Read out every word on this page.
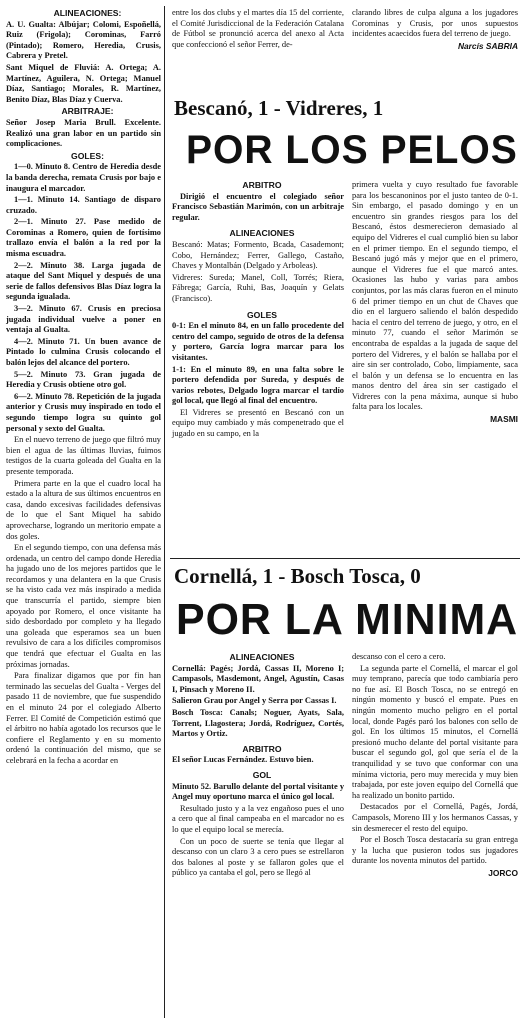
ALINEACIONES:

A. U. Gualta: Albújar; Colomi, Espoñellá, Ruiz (Frigola); Corominas, Farró (Pintado); Romero, Heredia, Crusis, Cabrera y Pretel.

Sant Miquel de Fluviá: A. Ortega; A. Martínez, Aguilera, N. Ortega; Manuel Díaz, Santiago; Morales, R. Martínez, Benito Díaz, Blas Díaz y Cuerva.

ARBITRAJE:

Señor Josep Maria Brull. Excelente. Realizó una gran labor en un partido sin complicaciones.

GOLES:

1—0. Minuto 8. Centro de Heredia desde la banda derecha, remata Crusis por bajo e inaugura el marcador.

1—1. Minuto 14. Santiago de disparo cruzado.

2—1. Minuto 27. Pase medido de Corominas a Romero, quien de fortísimo trallazo envía el balón a la red por la misma escuadra.

2—2. Minuto 38. Larga jugada de ataque del Sant Miquel y después de una serie de fallos defensivos Blas Díaz logra la segunda igualada.

3—2. Minuto 67. Crusis en preciosa jugada individual vuelve a poner en ventaja al Gualta.

4—2. Minuto 71. Un buen avance de Pintado lo culmina Crusis colocando el balón lejos del alcance del portero.

5—2. Minuto 73. Gran jugada de Heredia y Crusis obtiene otro gol.

6—2. Minuto 78. Repetición de la jugada anterior y Crusis muy inspirado en todo el segundo tiempo logra su quinto gol personal y sexto del Gualta.

En el nuevo terreno de juego que filtró muy bien el agua de las últimas lluvias, fuimos testigos de la cuarta goleada del Gualta en la presente temporada.

Primera parte en la que el cuadro local ha estado a la altura de sus últimos encuentros en casa, dando excesivas facilidades defensivas de lo que el Sant Miquel ha sabido aprovecharse, logrando un meritorio empate a dos goles.

En el segundo tiempo, con una defensa más ordenada, un centro del campo donde Heredia ha jugado uno de los mejores partidos que le recordamos y una delantera en la que Crusis se ha visto cada vez más inspirado a medida que transcurría el partido, siempre bien apoyado por Romero, el once visitante ha sido desbordado por completo y ha llegado una goleada que esperamos sea un buen revulsivo de cara a los difíciles compromisos que tendrá que efectuar el Gualta en las próximas jornadas.

Para finalizar digamos que por fin han terminado las secuelas del Gualta - Verges del pasado 11 de noviembre, que fue suspendido en el minuto 24 por el colegiado Alberto Ferrer. El Comité de Competición estimó que el árbitro no había agotado los recursos que le confiere el Reglamento y en su momento ordenó la continuación del mismo, que se celebrará en la fecha a acordar en

entre los dos clubs y el martes día 15 del corriente, el Comité Jurisdiccional de la Federación Catalana de Fútbol se pronunció acerca del anexo al Acta que confeccionó el señor Ferrer, de-

clarando libres de culpa alguna a los jugadores Corominas y Crusis, por unos supuestos incidentes acaecidos fuera del terreno de juego.

Narcís SABRIA

Bescanó, 1 - Vidreres, 1
POR LOS PELOS

ARBITRO

Dirigió el encuentro el colegiado señor Francisco Sebastián Marimón, con un arbitraje regular.

ALINEACIONES

Bescanó: Matas; Formento, Bcada, Casademont; Cobo, Hernández; Ferrer, Gallego, Castaño, Chaves y Montalbán (Delgado y Arboleas).

Vidreres: Sureda; Manel, Coll, Torrés; Riera, Fábrega; García, Ruhi, Bas, Joaquín y Gelats (Francisco).

GOLES

0-1: En el minuto 84, en un fallo procedente del centro del campo, seguido de otros de la defensa y portero, García logra marcar para los visitantes.

1-1: En el minuto 89, en una falta sobre le portero defendida por Sureda, y después de varios rebotes, Delgado logra marcar el tardío gol local, que llegó al final del encuentro.

El Vidreres se presentó en Bescanó con un equipo muy cambiado y más compenetrado que el jugado en su campo, en la

primera vuelta y cuyo resultado fue favorable para los bescanoninos por el justo tanteo de 0-1. Sin embargo, el pasado domingo y en un encuentro sin grandes riesgos para los del Bescanó, éstos desmerecieron demasiado al equipo del Vidreres el cual cumplió bien su labor en el primer tiempo. En el segundo tiempo, el Bescanó jugó más y mejor que en el primero, aunque el Vidreres fue el que marcó antes. Ocasiones las hubo y varias para ambos conjuntos, por las más claras fueron en el minuto 6 del primer tiempo en un chut de Chaves que dio en el larguero saliendo el balón despedido hacia el centro del terreno de juego, y otro, en el minuto 77, cuando el señor Marimón se encontraba de espaldas a la jugada de saque del portero del Vidreres, y el balón se hallaba por el aire sin ser controlado, Cobo, limpiamente, saca el balón y un defensa se lo encuentra en las manos dentro del área sin ser castigado el Vidreres con la pena máxima, aunque si hubo falta para los locales.

MASMI

Cornellá, 1 - Bosch Tosca, 0
POR LA MINIMA

ALINEACIONES

Cornellá: Pagés; Jordá, Cassas II, Moreno I; Campasols, Masdemont, Angel, Agustín, Casas I, Pinsach y Moreno II.

Salieron Grau por Angel y Serra por Cassas I.

Bosch Tosca: Canals; Noguer, Ayats, Sala, Torrent, Llagostera; Jordá, Rodríguez, Cortés, Martos y Ortiz.

ARBITRO

El señor Lucas Fernández. Estuvo bien.

GOL

Minuto 52. Barullo delante del portal visitante y Angel muy oportuno marca el único gol local.

Resultado justo y a la vez engañoso pues el uno a cero que al final campeaba en el marcador no es lo que el equipo local se merecía.

Con un poco de suerte se tenía que llegar al descanso con un claro 3 a cero pues se estrellaron dos balones al poste y se fallaron goles que el público ya cantaba el gol, pero se llegó al

descanso con el cero a cero.

La segunda parte el Cornellá, el marcar el gol muy temprano, parecía que todo cambiaría pero no fue así. El Bosch Tosca, no se entregó en ningún momento y buscó el empate. Pues en ningún momento mucho peligro en el portal local, donde Pagés paró los balones con sello de gol. En los últimos 15 minutos, el Cornellá presionó mucho delante del portal visitante para buscar el segundo gol, gol que sería el de la tranquilidad y se tuvo que conformar con una mínima victoria, pero muy merecida y muy bien trabajada, por este joven equipo del Cornellá que ha realizado un bonito partido.

Destacados por el Cornellá, Pagés, Jordá, Campasols, Moreno III y los hermanos Cassas, y sin desmerecer el resto del equipo.

Por el Bosch Tosca destacaría su gran entrega y la lucha que pusieron todos sus jugadores durante los noventa minutos del partido.

JORCO
